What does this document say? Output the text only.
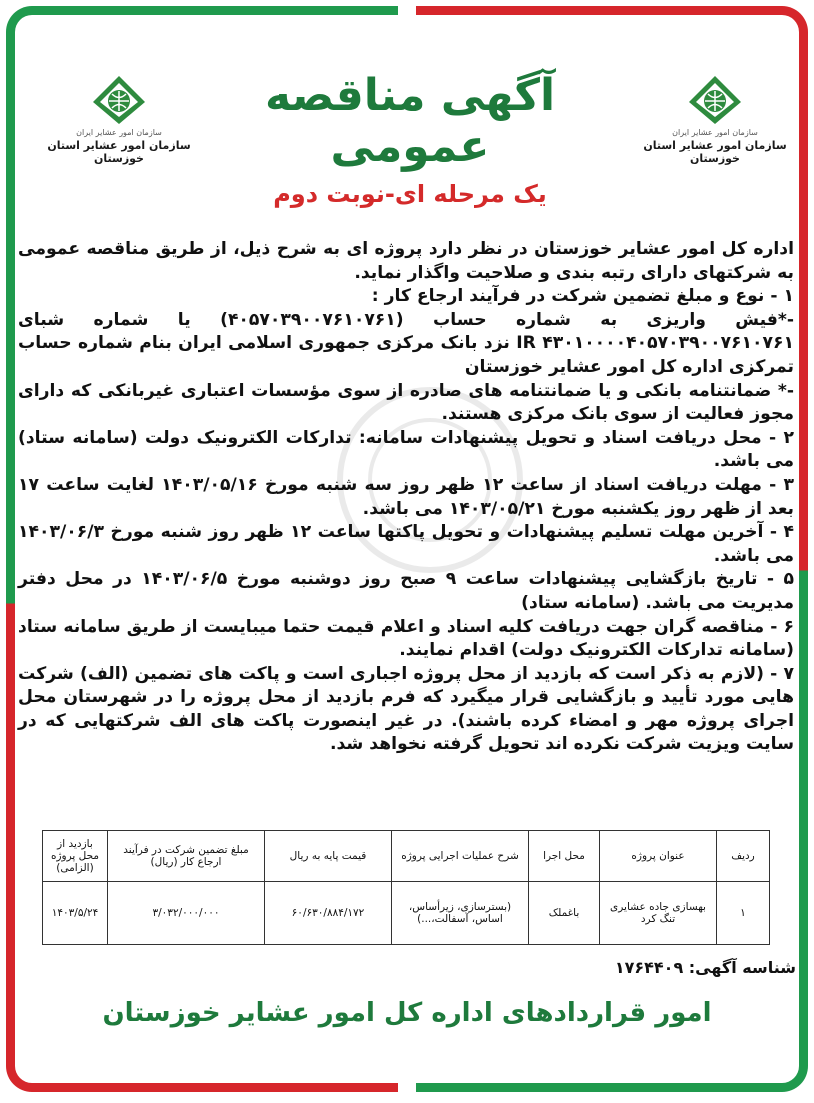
سازمان امور عشایر ایران
سازمان امور عشایر استان خوزستان
سازمان امور عشایر ایران
سازمان امور عشایر استان خوزستان
آگهی مناقصه عمومی
یک مرحله ای-نوبت دوم

اداره کل امور عشایر خوزستان در نظر دارد پروژه ای به شرح ذیل، از طریق مناقصه عمومی به شرکتهای دارای رتبه بندی و صلاحیت واگذار نماید.

۱ - نوع و مبلغ تضمین شرکت در فرآیند ارجاع کار :

-*فیش واریزی به شماره حساب (۴۰۵۷۰۳۹۰۰۷۶۱۰۷۶۱) یا شماره شبای ۴۳۰۱۰۰۰۰۴۰۵۷۰۳۹۰۰۷۶۱۰۷۶۱ IR نزد بانک مرکزی جمهوری اسلامی ایران بنام شماره حساب تمرکزی اداره کل امور عشایر خوزستان

-* ضمانتنامه بانکی و یا ضمانتنامه های صادره از سوی مؤسسات اعتباری غیربانکی که دارای مجوز فعالیت از سوی بانک مرکزی هستند.

۲ - محل دریافت اسناد و تحویل پیشنهادات سامانه: تدارکات الکترونیک دولت (سامانه ستاد) می باشد.

۳ - مهلت دریافت اسناد از ساعت ۱۲ ظهر روز سه شنبه مورخ ۱۴۰۳/۰۵/۱۶ لغایت ساعت ۱۷ بعد از ظهر روز یکشنبه مورخ ۱۴۰۳/۰۵/۲۱ می باشد.

۴ - آخرین مهلت تسلیم پیشنهادات و تحویل پاکتها ساعت ۱۲ ظهر روز شنبه مورخ ۱۴۰۳/۰۶/۳ می باشد.

۵ - تاریخ بازگشایی پیشنهادات ساعت ۹ صبح روز دوشنبه مورخ ۱۴۰۳/۰۶/۵ در محل دفتر مدیریت می باشد. (سامانه ستاد)

۶ - مناقصه گران جهت دریافت کلیه اسناد و اعلام قیمت حتما میبایست از طریق سامانه ستاد (سامانه تدارکات الکترونیک دولت) اقدام نمایند.

۷ - (لازم به ذکر است که بازدید از محل پروژه اجباری است و پاکت های تضمین (الف) شرکت هایی مورد تأیید و بازگشایی قرار میگیرد که فرم بازدید از محل پروژه را در شهرستان محل اجرای پروژه مهر و امضاء کرده باشند). در غیر اینصورت پاکت های الف شرکتهایی که در سایت ویزیت شرکت نکرده اند تحویل گرفته نخواهد شد.

ردیف	عنوان پروژه	محل اجرا	شرح عملیات اجرایی پروژه	قیمت پایه به ریال	مبلغ تضمین شرکت در فرآیند ارجاع کار (ریال)	بازدید از محل پروژه (الزامی)
۱	بهسازی جاده عشایری تنگ کرد	باغملک	(بسترسازی، زیرأساس، اساس، آسفالت،...)	۶۰/۶۳۰/۸۸۴/۱۷۲	۳/۰۳۲/۰۰۰/۰۰۰	۱۴۰۳/۵/۲۴
شناسه آگهی: ۱۷۶۴۴۰۹
امور قراردادهای اداره کل امور عشایر خوزستان
